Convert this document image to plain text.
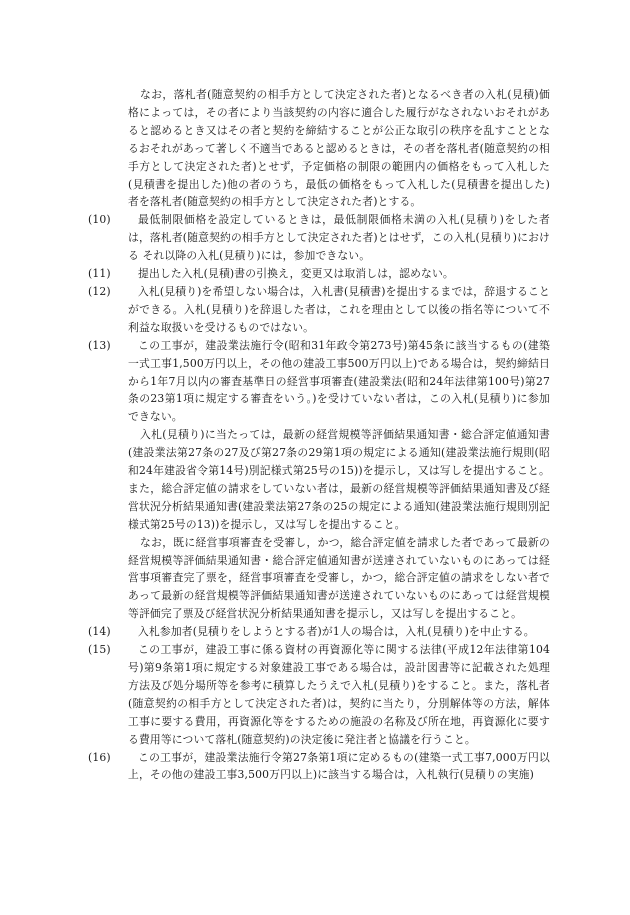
なお，落札者(随意契約の相手方として決定された者)となるべき者の入札(見積)価格によっては，その者により当該契約の内容に適合した履行がなされないおそれがあると認めるとき又はその者と契約を締結することが公正な取引の秩序を乱すこととなるおそれがあって著しく不適当であると認めるときは，その者を落札者(随意契約の相手方として決定された者)とせず，予定価格の制限の範囲内の価格をもって入札した(見積書を提出した)他の者のうち，最低の価格をもって入札した(見積書を提出した)者を落札者(随意契約の相手方として決定された者)とする。

(10)	最低制限価格を設定しているときは，最低制限価格未満の入札(見積り)をした者は，落札者(随意契約の相手方として決定された者)とはせず，この入札(見積り)における それ以降の入札(見積り)には，参加できない。

(11)	提出した入札(見積)書の引換え，変更又は取消しは，認めない。

(12)	入札(見積り)を希望しない場合は，入札書(見積書)を提出するまでは，辞退することができる。入札(見積り)を辞退した者は，これを理由として以後の指名等について不利益な取扱いを受けるものではない。

(13)	この工事が，建設業法施行令(昭和31年政令第273号)第45条に該当するもの(建築一式工事1,500万円以上，その他の建設工事500万円以上)である場合は，契約締結日から1年7月以内の審査基準日の経営事項審査(建設業法(昭和24年法律第100号)第27条の23第1項に規定する審査をいう。)を受けていない者は，この入札(見積り)に参加できない。

入札(見積り)に当たっては，最新の経営規模等評価結果通知書・総合評定値通知書(建設業法第27条の27及び第27条の29第1項の規定による通知(建設業法施行規則(昭和24年建設省令第14号)別記様式第25号の15))を提示し，又は写しを提出すること。また，総合評定値の請求をしていない者は，最新の経営規模等評価結果通知書及び経営状況分析結果通知書(建設業法第27条の25の規定による通知(建設業法施行規則別記様式第25号の13))を提示し，又は写しを提出すること。

なお，既に経営事項審査を受審し，かつ，総合評定値を請求した者であって最新の経営規模等評価結果通知書・総合評定値通知書が送達されていないものにあっては経営事項審査完了票を，経営事項審査を受審し，かつ，総合評定値の請求をしない者であって最新の経営規模等評価結果通知書が送達されていないものにあっては経営規模等評価完了票及び経営状況分析結果通知書を提示し，又は写しを提出すること。

(14)	入札参加者(見積りをしようとする者)が1人の場合は，入札(見積り)を中止する。

(15)	この工事が，建設工事に係る資材の再資源化等に関する法律(平成12年法律第104号)第9条第1項に規定する対象建設工事である場合は，設計図書等に記載された処理方法及び処分場所等を参考に積算したうえで入札(見積り)をすること。また，落札者(随意契約の相手方として決定された者)は，契約に当たり，分別解体等の方法，解体工事に要する費用，再資源化等をするための施設の名称及び所在地，再資源化に要する費用等について落札(随意契約)の決定後に発注者と協議を行うこと。

(16)	この工事が，建設業法施行令第27条第1項に定めるもの(建築一式工事7,000万円以上，その他の建設工事3,500万円以上)に該当する場合は，入札執行(見積りの実施)
